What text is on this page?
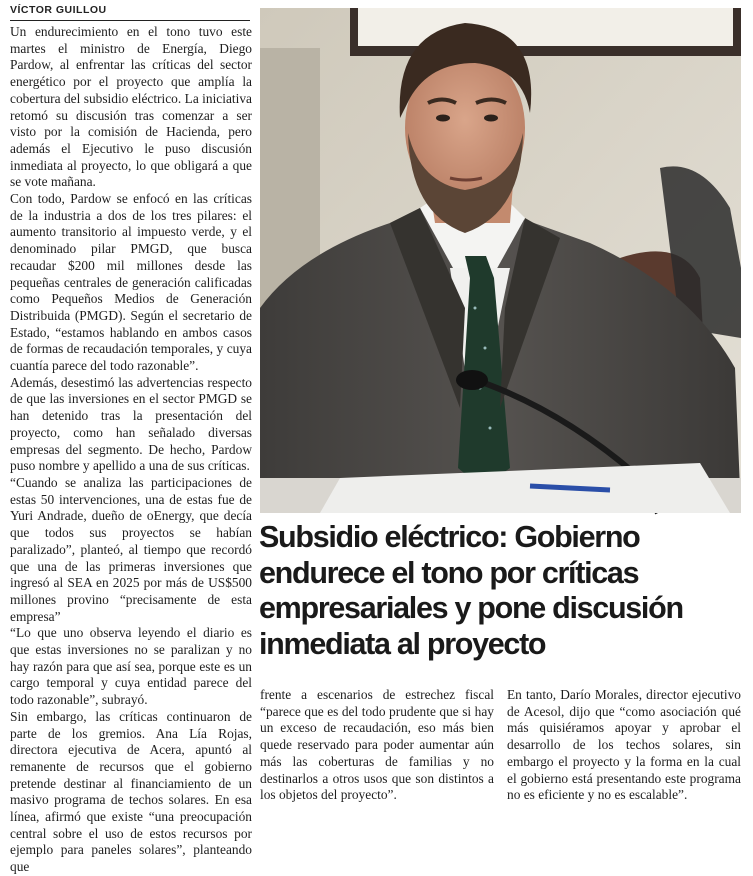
VÍCTOR GUILLOU

Un endurecimiento en el tono tuvo este martes el ministro de Energía, Diego Pardow, al enfrentar las críticas del sector energético por el proyecto que amplía la cobertura del subsidio eléctrico. La iniciativa retomó su discusión tras comenzar a ser visto por la comisión de Hacienda, pero además el Ejecutivo le puso discusión inmediata al proyecto, lo que obligará a que se vote mañana.

Con todo, Pardow se enfocó en las críticas de la industria a dos de los tres pilares: el aumento transitorio al impuesto verde, y el denominado pilar PMGD, que busca recaudar $200 mil millones desde las pequeñas centrales de generación calificadas como Pequeños Medios de Generación Distribuida (PMGD). Según el secretario de Estado, “estamos hablando en ambos casos de formas de recaudación temporales, y cuya cuantía parece del todo razonable”.

Además, desestimó las advertencias respecto de que las inversiones en el sector PMGD se han detenido tras la presentación del proyecto, como han señalado diversas empresas del segmento. De hecho, Pardow puso nombre y apellido a una de sus críticas.

“Cuando se analiza las participaciones de estas 50 intervenciones, una de estas fue de Yuri Andrade, dueño de oEnergy, que decía que todos sus proyectos se habían paralizado”, planteó, al tiempo que recordó que una de las primeras inversiones que ingresó al SEA en 2025 por más de US$500 millones provino “precisamente de esta empresa”

“Lo que uno observa leyendo el diario es que estas inversiones no se paralizan y no hay razón para que así sea, porque este es un cargo temporal y cuya entidad parece del todo razonable”, subrayó.

Sin embargo, las críticas continuaron de parte de los gremios. Ana Lía Rojas, directora ejecutiva de Acera, apuntó al remanente de recursos que el gobierno pretende destinar al financiamiento de un masivo programa de techos solares. En esa línea, afirmó que existe “una preocupación central sobre el uso de estos recursos por ejemplo para paneles solares”, planteando que

Subsidio eléctrico: Gobierno endurece el tono por críticas empresariales y pone discusión inmediata al proyecto

frente a escenarios de estrechez fiscal “parece que es del todo prudente que si hay un exceso de recaudación, eso más bien quede reservado para poder aumentar aún más las coberturas de familias y no destinarlos a otros usos que son distintos a los objetos del proyecto”.

En tanto, Darío Morales, director ejecutivo de Acesol, dijo que “como asociación qué más quisiéramos apoyar y aprobar el desarrollo de los techos solares, sin embargo el proyecto y la forma en la cual el gobierno está presentando este programa no es eficiente y no es escalable”.
